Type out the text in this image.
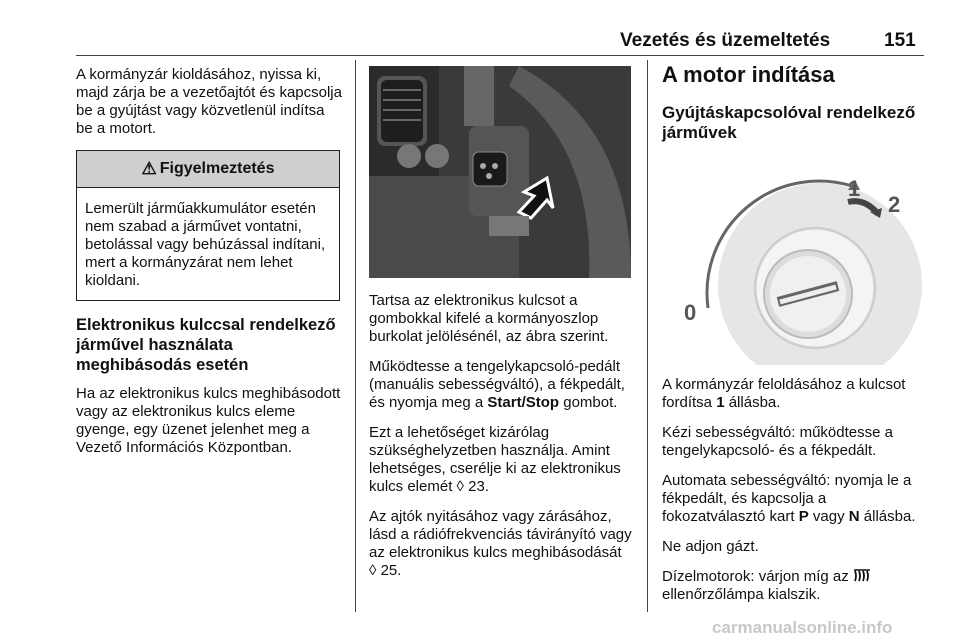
Vezetés és üzemeltetés	151

A kormányzár kioldásához, nyissa ki, majd zárja be a vezetőajtót és kapcsolja be a gyújtást vagy közvetlenül indítsa be a motort.

⚠ Figyelmeztetés
Lemerült járműakkumulátor esetén nem szabad a járművet vontatni, betolással vagy behúzással indítani, mert a kormányzárat nem lehet kioldani.
Elektronikus kulccsal rendelkező járművel használata meghibásodás esetén

Ha az elektronikus kulcs meghibásodott vagy az elektronikus kulcs eleme gyenge, egy üzenet jelenhet meg a Vezető Információs Központban.

Tartsa az elektronikus kulcsot a gombokkal kifelé a kormányoszlop burkolat jelölésénél, az ábra szerint.

Működtesse a tengelykapcsoló-pedált (manuális sebességváltó), a fékpedált, és nyomja meg a Start/Stop gombot.

Ezt a lehetőséget kizárólag szükséghelyzetben használja. Amint lehetséges, cserélje ki az elektronikus kulcs elemét ◊ 23.

Az ajtók nyitásához vagy zárásához, lásd a rádiófrekvenciás távirányító vagy az elektronikus kulcs meghibásodását ◊ 25.

A motor indítása
Gyújtáskapcsolóval rendelkező járművek
1
2
0

A kormányzár feloldásához a kulcsot fordítsa 1 állásba.

Kézi sebességváltó: működtesse a tengelykapcsoló- és a fékpedált.

Automata sebességváltó: nyomja le a fékpedált, és kapcsolja a fokozatválasztó kart P vagy N állásba.

Ne adjon gázt.

Dízelmotorok: várjon míg az  ellenőrzőlámpa kialszik.

carmanualsonline.info
